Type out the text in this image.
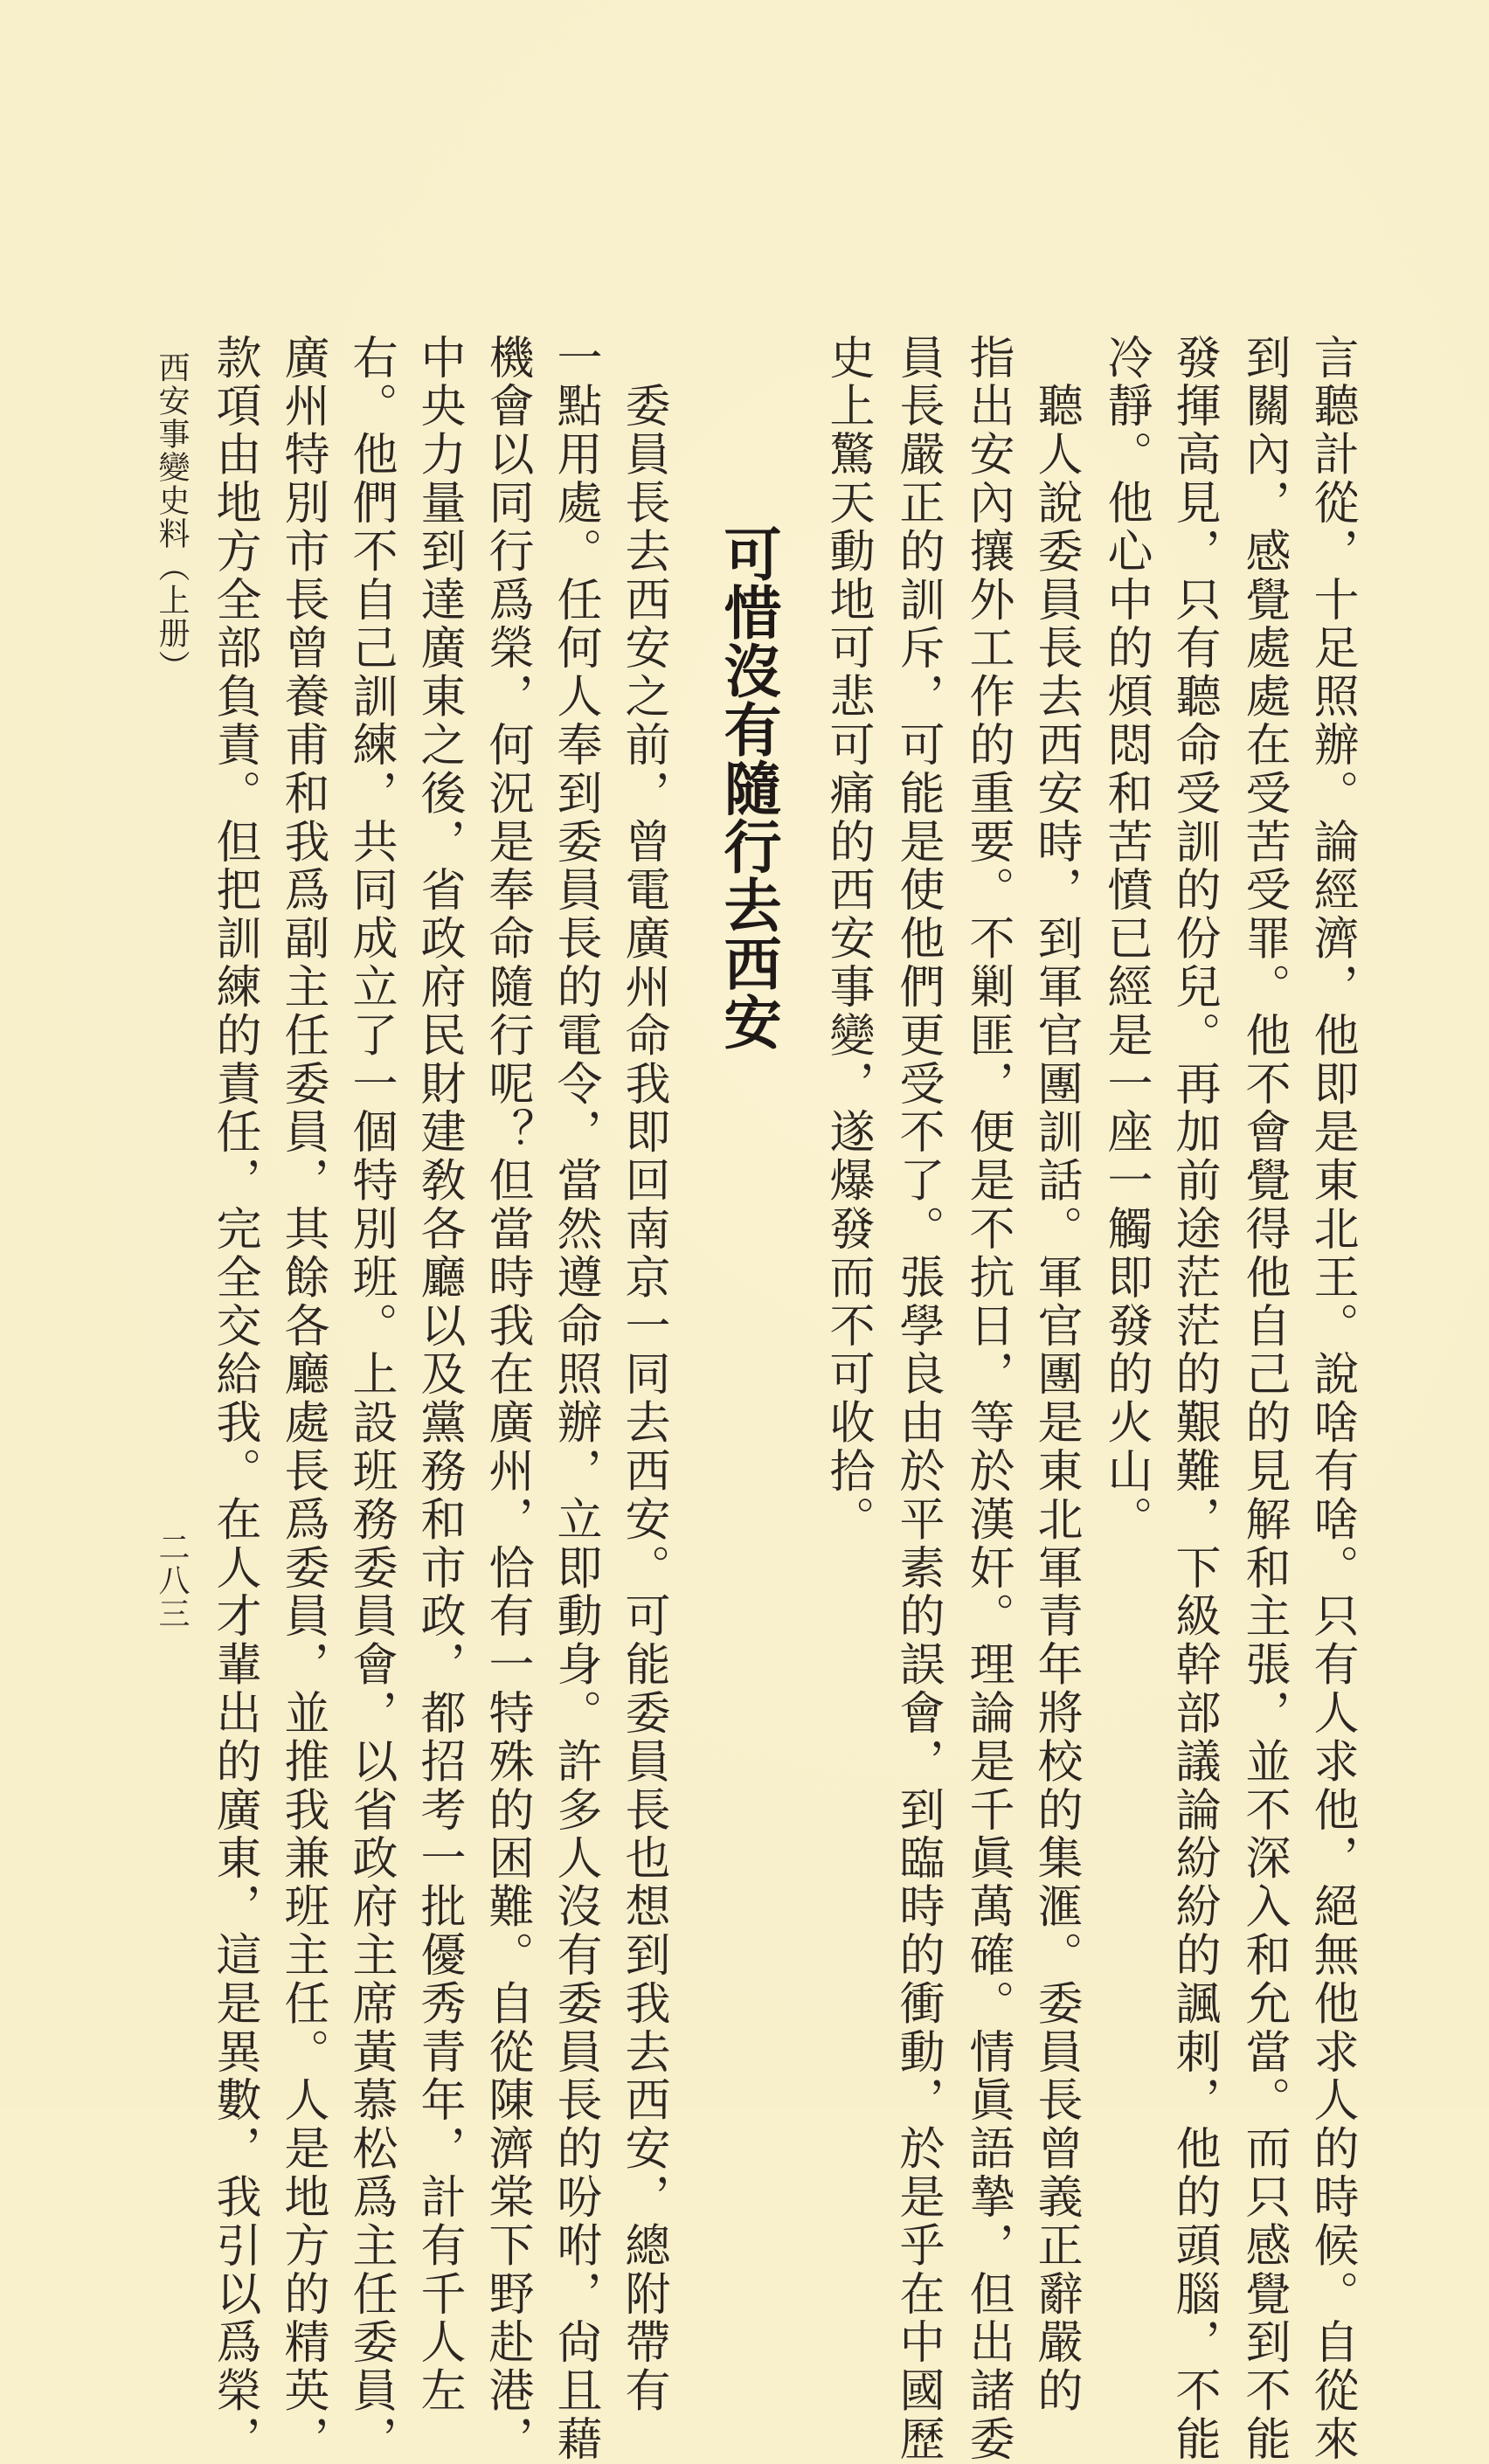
言聽計從，十足照辦。論經濟，他即是東北王。說啥有啥。只有人求他，絕無他求人的時候。自從來
到關內，感覺處處在受苦受罪。他不會覺得他自己的見解和主張，並不深入和允當。而只感覺到不能
發揮高見，只有聽命受訓的份兒。再加前途茫茫的艱難，下級幹部議論紛紛的諷刺，他的頭腦，不能
冷靜。他心中的煩悶和苦憤已經是一座一觸即發的火山。
　聽人說委員長去西安時，到軍官團訓話。軍官團是東北軍青年將校的集滙。委員長曾義正辭嚴的
指出安內攘外工作的重要。不剿匪，便是不抗日，等於漢奸。理論是千眞萬確。情眞語摯，但出諸委
員長嚴正的訓斥，可能是使他們更受不了。張學良由於平素的誤會，到臨時的衝動，於是乎在中國歷
史上驚天動地可悲可痛的西安事變，遂爆發而不可收拾。
可惜沒有隨行去西安
　委員長去西安之前，曾電廣州命我即回南京一同去西安。可能委員長也想到我去西安，總附帶有
一點用處。任何人奉到委員長的電令，當然遵命照辦，立即動身。許多人沒有委員長的吩咐，尙且藉
機會以同行爲榮，何況是奉命隨行呢？但當時我在廣州，恰有一特殊的困難。自從陳濟棠下野赴港，
中央力量到達廣東之後，省政府民財建敎各廳以及黨務和市政，都招考一批優秀青年，計有千人左
右。他們不自己訓練，共同成立了一個特別班。上設班務委員會，以省政府主席黃慕松爲主任委員，
廣州特別市長曾養甫和我爲副主任委員，其餘各廳處長爲委員，並推我兼班主任。人是地方的精英，
款項由地方全部負責。但把訓練的責任，完全交給我。在人才輩出的廣東，這是異數，我引以爲榮，
西安事變史料（上册）
二八三
